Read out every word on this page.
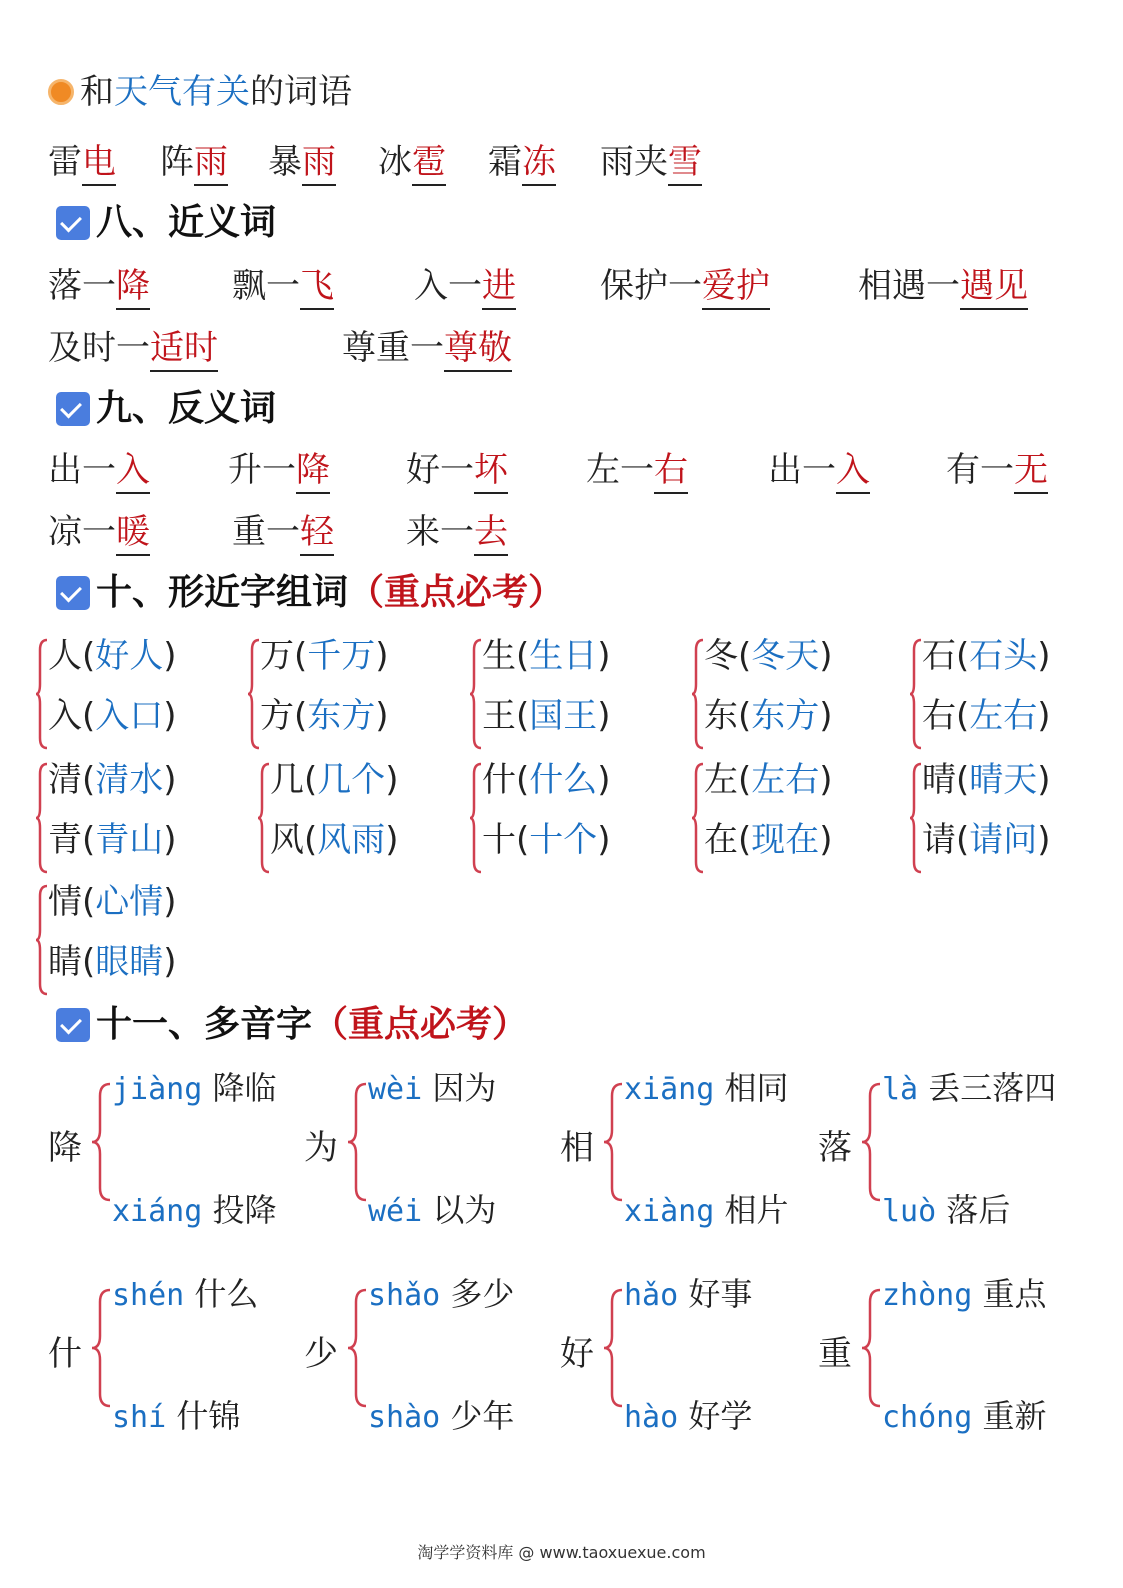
和 天气有关 的词语
雷电 阵雨 暴雨 冰雹 霜冻 雨夹雪
八、近义词
落一降 飘一飞 入一进 保护一爱护	相遇一遇见
及时一适时	尊重一尊敬
九、反义词
出一入 升一降 好一坏 左一右 出一入 有一无
凉一暖 重一轻 来一去
十、形近字组词 （重点必考）
人(好人)
入(入口)
万(千万)
方(东方)
生(生日)
王(国王)
冬(冬天)
东(东方)
石(石头)
右(左右)
清(清水)
青(青山)
几(几个)
风(风雨)
什(什么)
十(十个)
左(左右)
在(现在)
晴(晴天)
请(请问)
情(心情)
睛(眼睛)
十一、多音字 （重点必考）
降
jiàng 降临
xiáng 投降
为
wèi 因为
wéi 以为
相
xiāng 相同
xiàng 相片
落
là 丢三落四
luò 落后
什
shén 什么
shí 什锦
少
shǎo 多少
shào 少年
好
hǎo 好事
hào 好学
重
zhòng 重点
chóng 重新
淘学学资料库 @ www.taoxuexue.com
